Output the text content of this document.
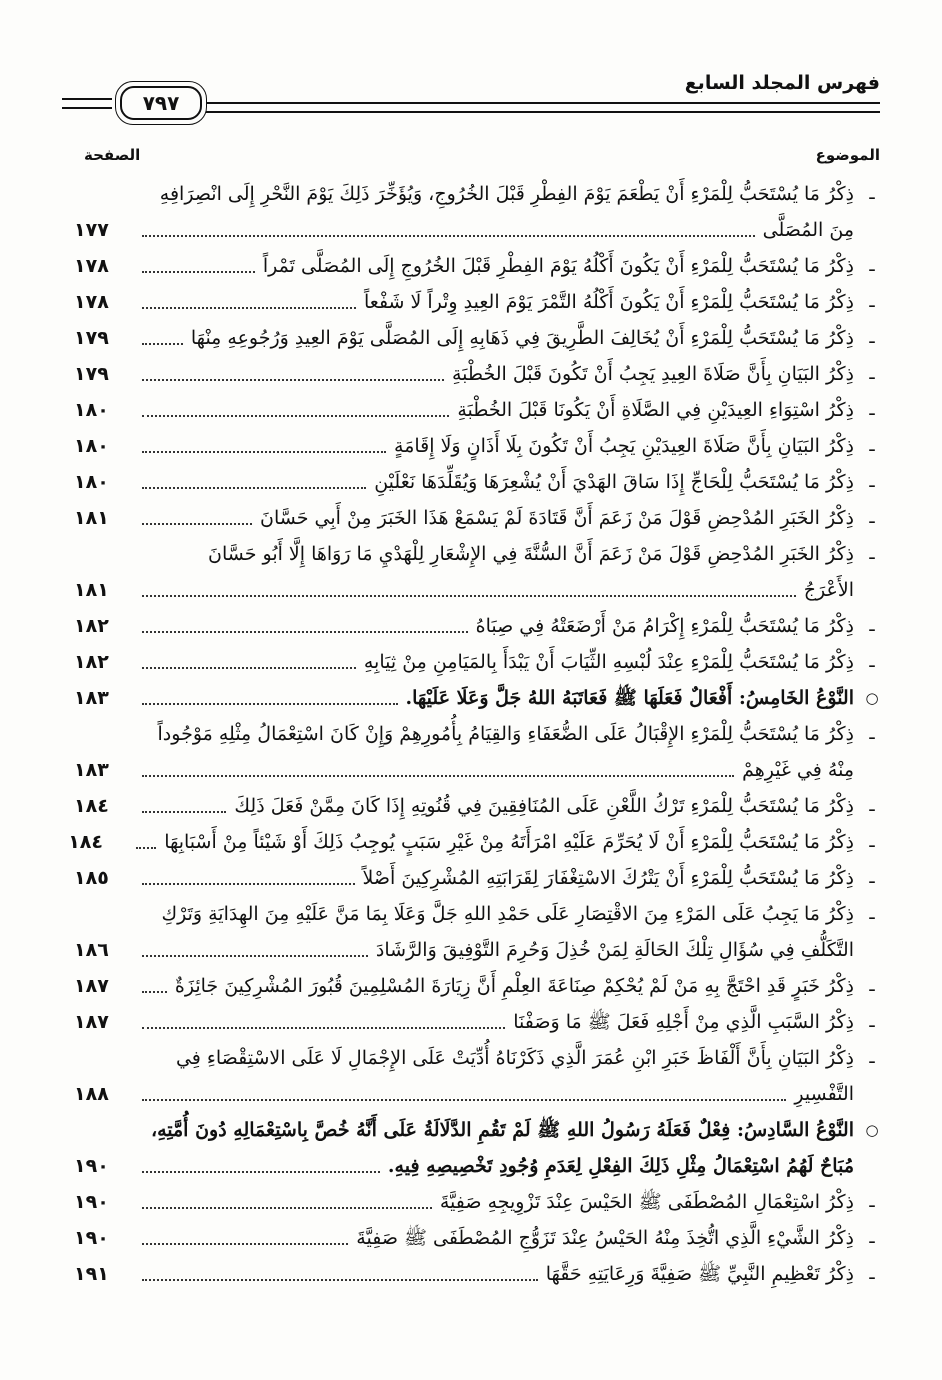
فهرس المجلد السابع
٧٩٧
الموضوع
الصفحة
ـ
ذِكْرُ مَا يُسْتَحَبُّ لِلْمَرْءِ أَنْ يَطْعَمَ يَوْمَ الفِطْرِ قَبْلَ الخُرُوجِ، وَيُؤَخِّرَ ذَلِكَ يَوْمَ النَّحْرِ إِلَى انْصِرَافِهِ
مِنَ المُصَلَّى
١٧٧
ـ
ذِكْرُ مَا يُسْتَحَبُّ لِلْمَرْءِ أَنْ يَكُونَ أَكْلُهُ يَوْمَ الفِطْرِ قَبْلَ الخُرُوجِ إِلَى المُصَلَّى تَمْراً
١٧٨
ـ
ذِكْرُ مَا يُسْتَحَبُّ لِلْمَرْءِ أَنْ يَكُونَ أَكْلُهُ التَّمْرَ يَوْمَ العِيدِ وِتْراً لَا شَفْعاً
١٧٨
ـ
ذِكْرُ مَا يُسْتَحَبُّ لِلْمَرْءِ أَنْ يُخَالِفَ الطَّرِيقَ فِي ذَهَابِهِ إِلَى المُصَلَّى يَوْمَ العِيدِ وَرُجُوعِهِ مِنْهَا
١٧٩
ـ
ذِكْرُ البَيَانِ بِأَنَّ صَلَاةَ العِيدِ يَجِبُ أَنْ تَكُونَ قَبْلَ الخُطْبَةِ
١٧٩
ـ
ذِكْرُ اسْتِوَاءِ العِيدَيْنِ فِي الصَّلَاةِ أَنْ يَكُونَا قَبْلَ الخُطْبَةِ
١٨٠
ـ
ذِكْرُ البَيَانِ بِأَنَّ صَلَاةَ العِيدَيْنِ يَجِبُ أَنْ تَكُونَ بِلَا أَذَانٍ وَلَا إِقَامَةٍ
١٨٠
ـ
ذِكْرُ مَا يُسْتَحَبُّ لِلْحَاجِّ إِذَا سَاقَ الهَدْيَ أَنْ يُشْعِرَهَا وَيُقَلِّدَهَا نَعْلَيْنِ
١٨٠
ـ
ذِكْرُ الخَبَرِ المُدْحِضِ قَوْلَ مَنْ زَعَمَ أَنَّ قَتَادَةَ لَمْ يَسْمَعْ هَذَا الخَبَرَ مِنْ أَبِي حَسَّانَ
١٨١
ـ
ذِكْرُ الخَبَرِ المُدْحِضِ قَوْلَ مَنْ زَعَمَ أَنَّ السُّنَّةَ فِي الإِشْعَارِ لِلْهَدْيِ مَا رَوَاهَا إِلَّا أَبُو حَسَّانَ
الأَعْرَجُ
١٨١
ـ
ذِكْرُ مَا يُسْتَحَبُّ لِلْمَرْءِ إِكْرَامُ مَنْ أَرْضَعَتْهُ فِي صِبَاهُ
١٨٢
ـ
ذِكْرُ مَا يُسْتَحَبُّ لِلْمَرْءِ عِنْدَ لُبْسِهِ الثِّيَابَ أَنْ يَبْدَأَ بِالمَيَامِنِ مِنْ ثِيَابِهِ
١٨٢
○
النَّوْعُ الخَامِسُ: أَفْعَالٌ فَعَلَهَا ﷺ فَعَاتَبَهُ اللهُ جَلَّ وَعَلَا عَلَيْهَا.
١٨٣
ـ
ذِكْرُ مَا يُسْتَحَبُّ لِلْمَرْءِ الإِقْبَالُ عَلَى الضُّعَفَاءِ وَالقِيَامُ بِأُمُورِهِمْ وَإِنْ كَانَ اسْتِعْمَالُ مِثْلِهِ مَوْجُوداً
مِنْهُ فِي غَيْرِهِمْ
١٨٣
ـ
ذِكْرُ مَا يُسْتَحَبُّ لِلْمَرْءِ تَرْكُ اللَّعْنِ عَلَى المُنَافِقِينَ فِي قُنُوتِهِ إِذَا كَانَ مِمَّنْ فَعَلَ ذَلِكَ
١٨٤
ـ
ذِكْرُ مَا يُسْتَحَبُّ لِلْمَرْءِ أَنْ لَا يُحَرِّمَ عَلَيْهِ امْرَأَتَهُ مِنْ غَيْرِ سَبَبٍ يُوجِبُ ذَلِكَ أَوْ شَيْئاً مِنْ أَسْبَابِهَا
١٨٤
ـ
ذِكْرُ مَا يُسْتَحَبُّ لِلْمَرْءِ أَنْ يَتْرُكَ الاسْتِغْفَارَ لِقَرَابَتِهِ المُشْرِكِينَ أَصْلاً
١٨٥
ـ
ذِكْرُ مَا يَجِبُ عَلَى المَرْءِ مِنَ الاقْتِصَارِ عَلَى حَمْدِ اللهِ جَلَّ وَعَلَا بِمَا مَنَّ عَلَيْهِ مِنَ الهِدَايَةِ وَتَرْكِ
التَّكَلُّفِ فِي سُؤَالِ تِلْكَ الحَالَةِ لِمَنْ خُذِلَ وَحُرِمَ التَّوْفِيقَ وَالرَّشَادَ
١٨٦
ـ
ذِكْرُ خَبَرٍ قَدِ احْتَجَّ بِهِ مَنْ لَمْ يُحْكِمْ صِنَاعَةَ العِلْمِ أَنَّ زِيَارَةَ المُسْلِمِينَ قُبُورَ المُشْرِكِينَ جَائِزَةٌ
١٨٧
ـ
ذِكْرُ السَّبَبِ الَّذِي مِنْ أَجْلِهِ فَعَلَ ﷺ مَا وَصَفْنَا
١٨٧
ـ
ذِكْرُ البَيَانِ بِأَنَّ أَلْفَاظَ خَبَرِ ابْنِ عُمَرَ الَّذِي ذَكَرْنَاهُ أُدِّيَتْ عَلَى الإِجْمَالِ لَا عَلَى الاسْتِقْصَاءِ فِي
التَّفْسِيرِ
١٨٨
○
النَّوْعُ السَّادِسُ: فِعْلٌ فَعَلَهُ رَسُولُ اللهِ ﷺ لَمْ تَقُمِ الدَّلَالَةُ عَلَى أَنَّهُ خُصَّ بِاسْتِعْمَالِهِ دُونَ أُمَّتِهِ،
مُبَاحٌ لَهُمُ اسْتِعْمَالُ مِثْلِ ذَلِكَ الفِعْلِ لِعَدَمِ وُجُودِ تَخْصِيصِهِ فِيهِ.
١٩٠
ـ
ذِكْرُ اسْتِعْمَالِ المُصْطَفَى ﷺ الحَيْسَ عِنْدَ تَزْوِيجِهِ صَفِيَّةَ
١٩٠
ـ
ذِكْرُ الشَّيْءِ الَّذِي اتُّخِذَ مِنْهُ الحَيْسُ عِنْدَ تَزَوُّجِ المُصْطَفَى ﷺ صَفِيَّةَ
١٩٠
ـ
ذِكْرُ تَعْظِيمِ النَّبِيِّ ﷺ صَفِيَّةَ وَرِعَايَتِهِ حَقَّهَا
١٩١
